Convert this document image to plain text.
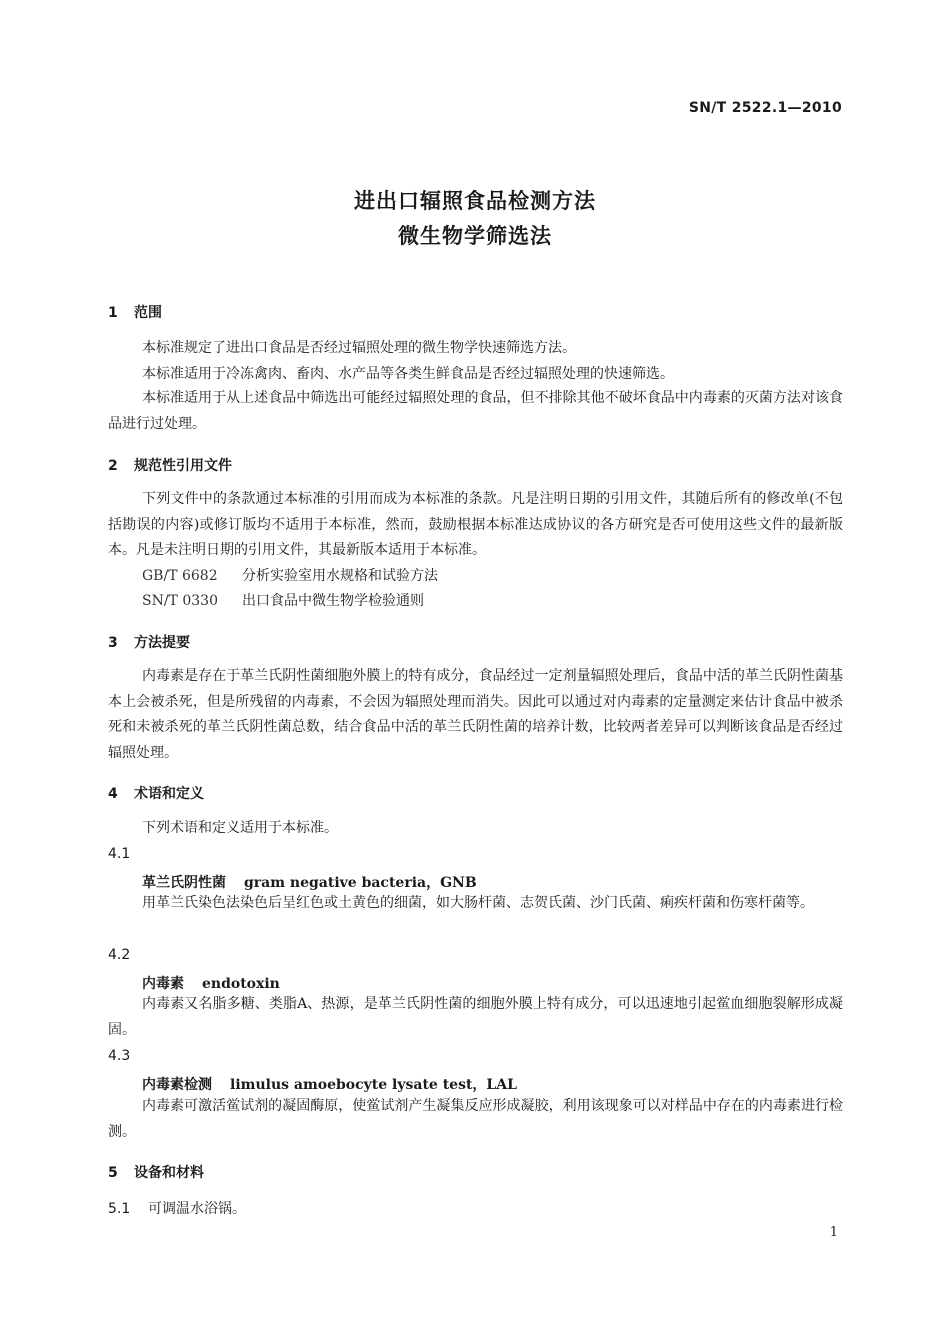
SN/T 2522.1—2010
进出口辐照食品检测方法
微生物学筛选法
1 范围
本标准规定了进出口食品是否经过辐照处理的微生物学快速筛选方法。
本标准适用于冷冻禽肉、畜肉、水产品等各类生鲜食品是否经过辐照处理的快速筛选。
本标准适用于从上述食品中筛选出可能经过辐照处理的食品，但不排除其他不破坏食品中内毒素的灭菌方法对该食品进行过处理。
2 规范性引用文件
下列文件中的条款通过本标准的引用而成为本标准的条款。凡是注明日期的引用文件，其随后所有的修改单(不包括勘误的内容)或修订版均不适用于本标准，然而，鼓励根据本标准达成协议的各方研究是否可使用这些文件的最新版本。凡是未注明日期的引用文件，其最新版本适用于本标准。
GB/T 6682 分析实验室用水规格和试验方法
SN/T 0330 出口食品中微生物学检验通则
3 方法提要
内毒素是存在于革兰氏阴性菌细胞外膜上的特有成分，食品经过一定剂量辐照处理后，食品中活的革兰氏阴性菌基本上会被杀死，但是所残留的内毒素，不会因为辐照处理而消失。因此可以通过对内毒素的定量测定来估计食品中被杀死和未被杀死的革兰氏阴性菌总数，结合食品中活的革兰氏阴性菌的培养计数，比较两者差异可以判断该食品是否经过辐照处理。
4 术语和定义
下列术语和定义适用于本标准。
4.1
革兰氏阴性菌 gram negative bacteria，GNB
用革兰氏染色法染色后呈红色或土黄色的细菌，如大肠杆菌、志贺氏菌、沙门氏菌、痢疾杆菌和伤寒杆菌等。
4.2
内毒素 endotoxin
内毒素又名脂多糖、类脂A、热源，是革兰氏阴性菌的细胞外膜上特有成分，可以迅速地引起鲎血细胞裂解形成凝固。
4.3
内毒素检测 limulus amoebocyte lysate test，LAL
内毒素可激活鲎试剂的凝固酶原，使鲎试剂产生凝集反应形成凝胶，利用该现象可以对样品中存在的内毒素进行检测。
5 设备和材料
5.1 可调温水浴锅。
1
